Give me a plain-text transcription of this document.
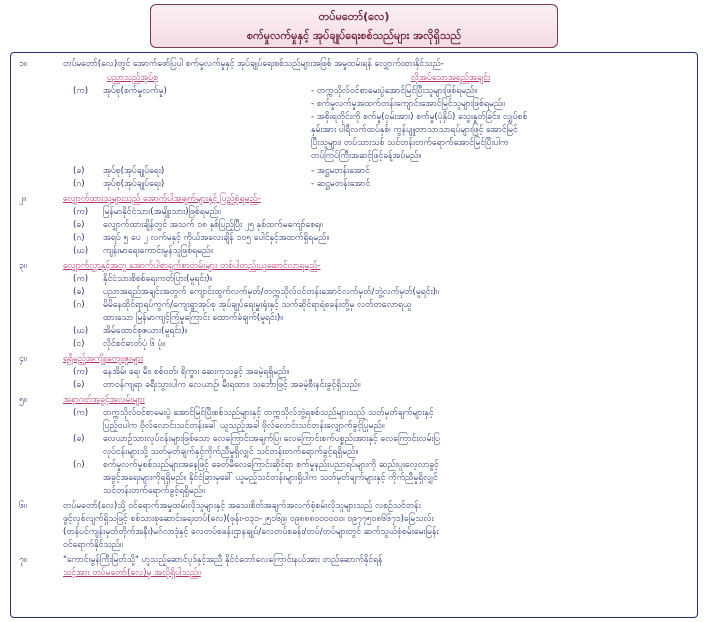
တပ်မတော်(လေ)
စက်မှုလက်မှုနှင့် အုပ်ချုပ်ရေးစစ်သည်များ အလိုရှိသည်
၁။	တပ်မတော်(လေ)တွင် အောက်ဖော်ပြပါ စက်မှုလက်မှုနှင့် အုပ်ချုပ်ရေးစစ်သည်များအဖြစ် အမှုထမ်းရန် လျှောက်ထားနိုင်သည်-
ပညာသည်အုပ်စု	လိုအပ်သောအရည်အချင်း
(က) အုပ်စု(စက်မှုလက်မှု)	- တက္ကသိုလ်ဝင်စာမေးပွဲအောင်မြင်ပြီးသူများဖြစ်ရမည်။
- စက်မှုလက်မှုအထက်တန်းကျောင်းအောင်မြင်သူများဖြစ်ရမည်။
- အစိုးရတိုင်းကို စက်မှု(ဝှမ်းအား) စက်မှု(ပုံနှိပ်) သွေးနှုတ်ခြင်း၊ လျှပ်စစ်
နှမ်းအား ပါရီလက်ထပ်နှစ်၊ ကွန်ပျူတာသာသာရပ်များဖြင့် အောင်မြင်
ပြီးသူများ၊ တပ်သားသစ် သင်တန်းတက်ရောက်အောင်မြင်ပြီးပါက
တပ်ကြပ်ကြီးအဆင့်ဖြင့်ခန့်အပ်မည်။
(ခ) အုပ်စု(အုပ်ချုပ်ရေး)	- အဋ္ဌမတန်းအောင်
(ဂ) အုပ်စု(အုပ်ချုပ်ရေး)	- ဆဋ္ဌမတန်းအောင်
၂။	လျှောက်ထားသူများသည် အောက်ပါအချက်များနှင့် ပြည့်စုံရမည်-
(က) မြန်မာနိုင်ငံသား(အမျိုးသား)ဖြစ်ရမည်။
(ခ) လျှောက်ထားချိန်တွင် အသက် ၁၈ နှစ်ပြည့်ပြီး ၂၅ နှစ်ထက်မကျော်စေရ။
(ဂ) အရပ် ၅ ပေ ၂ လက်မနှင့် ကိုယ်အလေးချိန် ၁၀၅ ပေါင်နှင့်အထက်ရှိရမည်။
(ဃ) ကျန်းမာရေးကောင်းမွန်သူဖြစ်ရမည်။
၃။	လျှောက်လွှာနှင့်အတူ အောက်ပါစာရွက်စာတမ်းများ တစ်ပါတည်းယူဆောင်လာရမည်-
(က) နိုင်ငံသားစိစစ်ရေးကတ်ပြား(မူရင်း)။
(ခ) ပညာအရည်အချင်းအတွက် ကျောင်းထွက်လက်မှတ်/တက္ကသိုလ်ဝင်တန်းအောင်လက်မှတ်/ဘွဲ့လက်မှတ်(မူရင်း)။
(ဂ) မိမိနေထိုင်ရာရပ်ကွက်/ကျေးရွာအုပ်စု အုပ်ချုပ်ရေးမှူးရုံးနှင့် သက်ဆိုင်ရာရဲစခန်းတို့မှ လတ်တလောရယူ
ထားသော မြန်မာကျင့်ကြံမှုကြောင်း ထောက်ခံချက်(မူရင်း)။
(ဃ) အိမ်ထောင်စုဇယား(မူရင်း)။
(င) လိုင်စင်ဓာတ်ပုံ ၆ ပုံ။
၄။	ရရှိမည့်အကျိုးကျေးဇူးများ
(က) နေအိမ်၊ ရေ၊ မီး၊ စစ်ဝတ်၊ ရိက္ခာ၊ ဆေးကုသခွင့် အခမဲ့ရရှိမည်။
(ခ) တာဝန်ကျရာ ခရီးသွားပါက လေယာဉ်၊ မီးရထား၊ သင်္ဘောဖြင့် အခမဲ့စီးနင်းခွင့်ရှိသည်။
၅။	အနာဂတ်အခွင့်အလမ်းများ
(က) တက္ကသိုလ်ဝင်စာမေးပွဲ အောင်မြင်ပြီးစစ်သည်များနှင့် တက္ကသိုလ်ဘွဲ့ရစစ်သည်များသည် သတ်မှတ်ချက်များနှင့်
ပြည့်ဝပါက ဗိုလ်လောင်းသင်တန်းခေါ် ယူသည့်အခါ ဗိုလ်လောင်းသင်တန်းလျှောက်ခွင့်ပြုမည်။
(ခ) လေယာဉ်သားလုပ်ငန်းများဖြစ်သော လေကြောင်းအချက်ပြ၊ လေကြောင်းစက်ပစ္စည်းအားနှင့် လေကြောင်းလမ်းပြ
လုပ်ငန်းများသို့ သတ်မှတ်ချက်နှင့်ကိုက်ညီမှုရှိလျှင် သင်တန်းတက်ရောက်ခွင့်ရရှိမည်။
(ဂ) စက်မှုလက်မှုစစ်သည်များအနေဖြင့် ခေတ်မီလေကြောင်းဆိုင်ရာ စက်မှုနည်းပညာရပ်များကို ဆည်းပူးလေ့လာခွင့်
အခွင့်အရေးများကိုရရှိမည်။ နိုင်ငံခြားမှခေါ် ယူမည့်သင်တန်းများရှိပါက သတ်မှတ်ချက်များနှင့် ကိုက်ညီမှုရှိလျှင်
သင်တန်းတက်ရောက်ခွင့်ရရှိမည်။
၆။	တပ်မတော်(လေ)သို့ ဝင်ရောက်အမှုထမ်းလိုသူများနှင့် အသေးစိတ်အချက်အလက်စုံစမ်းလိုသူများသည် လစဉ်သင်တန်း
ဖွင့်လှစ်လျက်ရှိသဖြင့် စစ်သားစုဆောင်းရေးတပ်(လေ)(ဖုန်း-၀၃၁-၂၅၁၆၉၊ ၀၉၈၈၈၀၀၀၀၀၀၊ ၀၉၇၇၅၀၈၆၆၇၁)မြေသလ်း
(တန်ပင်ကျန်းမှတ်တိုက်အနီး)မဂ်လာဒုံနှင့် လေတပ်စခန်းဌာနချုပ်/လေတပ်စခန်း/တပ်/တပ်များတွင် ဆက်သွယ်စုံစမ်းမေးမြန်း
ဝင်ရောက်နိုင်သည်။
၇။	"ကောင်းမွန်ကြီးမြတ်သို့" ဟူသည့်ဆောင်ပုဒ်နှင့်အညီ နိုင်ငံတော်လေကြောင်းနယ်အား တည်ဆောက်နိုင်ရန်
သင့်အား တပ်မတော်(လေ)မှ အလိုရှိပါသည်။
